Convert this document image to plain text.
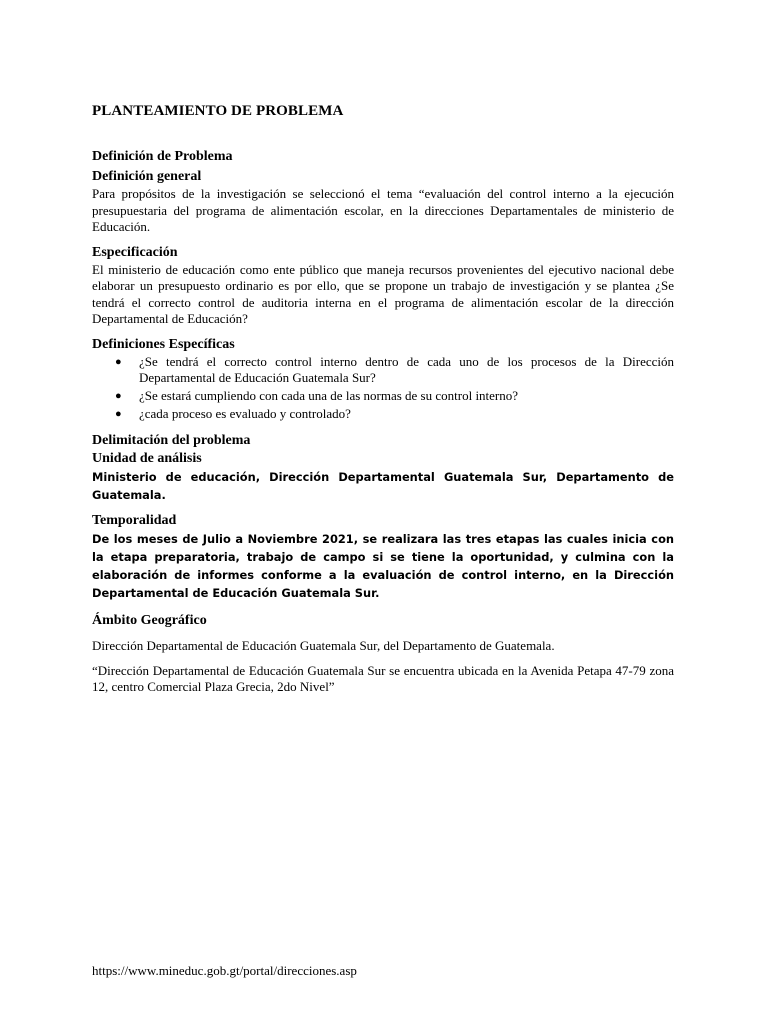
PLANTEAMIENTO DE PROBLEMA
Definición de Problema
Definición general

Para propósitos de la investigación se seleccionó el tema “evaluación del control interno a la ejecución presupuestaria del programa de alimentación escolar, en la direcciones Departamentales de ministerio de Educación.

Especificación

El ministerio de educación como ente público que maneja recursos provenientes del ejecutivo nacional debe elaborar un presupuesto ordinario es por ello, que se propone un trabajo de investigación y se plantea ¿Se tendrá el correcto control de auditoria interna en el programa de alimentación escolar de la dirección Departamental de Educación?

Definiciones Específicas
● ¿Se tendrá el correcto control interno dentro de cada uno de los procesos de la Dirección Departamental de Educación Guatemala Sur?
● ¿Se estará cumpliendo con cada una de las normas de su control interno?
● ¿cada proceso es evaluado y controlado?
Delimitación del problema
Unidad de análisis

Ministerio de educación, Dirección Departamental Guatemala Sur, Departamento de Guatemala.

Temporalidad

De los meses de Julio a Noviembre 2021, se realizara las tres etapas las cuales inicia con la etapa preparatoria, trabajo de campo si se tiene la oportunidad, y culmina con la elaboración de informes conforme a la evaluación de control interno, en la Dirección Departamental de Educación Guatemala Sur.

Ámbito Geográfico

Dirección Departamental de Educación Guatemala Sur, del Departamento de Guatemala.

“Dirección Departamental de Educación Guatemala Sur se encuentra ubicada en la Avenida Petapa 47-79 zona 12, centro Comercial Plaza Grecia, 2do Nivel”

https://www.mineduc.gob.gt/portal/direcciones.asp
